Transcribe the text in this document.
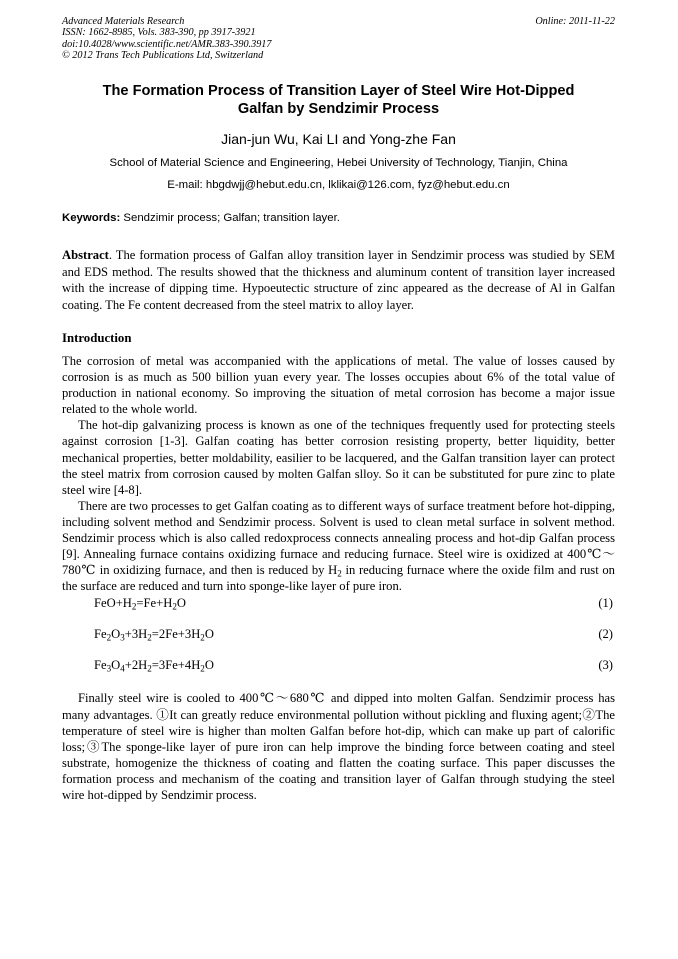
Advanced Materials Research
ISSN: 1662-8985, Vols. 383-390, pp 3917-3921
doi:10.4028/www.scientific.net/AMR.383-390.3917
© 2012 Trans Tech Publications Ltd, Switzerland
Online: 2011-11-22
The Formation Process of Transition Layer of Steel Wire Hot-Dipped
Galfan by Sendzimir Process
Jian-jun Wu, Kai LI and Yong-zhe Fan
School of Material Science and Engineering, Hebei University of Technology, Tianjin, China
E-mail: hbgdwjj@hebut.edu.cn, lklikai@126.com, fyz@hebut.edu.cn
Keywords: Sendzimir process; Galfan; transition layer.
Abstract. The formation process of Galfan alloy transition layer in Sendzimir process was studied by SEM and EDS method. The results showed that the thickness and aluminum content of transition layer increased with the increase of dipping time. Hypoeutectic structure of zinc appeared as the decrease of Al in Galfan coating. The Fe content decreased from the steel matrix to alloy layer.
Introduction

The corrosion of metal was accompanied with the applications of metal. The value of losses caused by corrosion is as much as 500 billion yuan every year. The losses occupies about 6% of the total value of production in national economy. So improving the situation of metal corrosion has become a major issue related to the whole world.

The hot-dip galvanizing process is known as one of the techniques frequently used for protecting steels against corrosion [1-3]. Galfan coating has better corrosion resisting property, better liquidity, better mechanical properties, better moldability, easilier to be lacquered, and the Galfan transition layer can protect the steel matrix from corrosion caused by molten Galfan slloy. So it can be substituted for pure zinc to plate steel wire [4-8].

There are two processes to get Galfan coating as to different ways of surface treatment before hot-dipping, including solvent method and Sendzimir process. Solvent is used to clean metal surface in solvent method. Sendzimir process which is also called redoxprocess connects annealing process and hot-dip Galfan process [9]. Annealing furnace contains oxidizing furnace and reducing furnace. Steel wire is oxidized at 400℃～780℃ in oxidizing furnace, and then is reduced by $H_2$ in reducing furnace where the oxide film and rust on the surface are reduced and turn into sponge-like layer of pure iron.

$FeO+H_2=Fe+H_2O$	(1)
$Fe_2O_3+3H_2=2Fe+3H_2O$	(2)
$Fe_3O_4+2H_2=3Fe+4H_2O$	(3)

Finally steel wire is cooled to 400℃～680℃ and dipped into molten Galfan. Sendzimir process has many advantages. ①It can greatly reduce environmental pollution without pickling and fluxing agent;②The temperature of steel wire is higher than molten Galfan before hot-dip, which can make up part of calorific loss;③The sponge-like layer of pure iron can help improve the binding force between coating and steel substrate, homogenize the thickness of coating and flatten the coating surface. This paper discusses the formation process and mechanism of the coating and transition layer of Galfan through studying the steel wire hot-dipped by Sendzimir process.
